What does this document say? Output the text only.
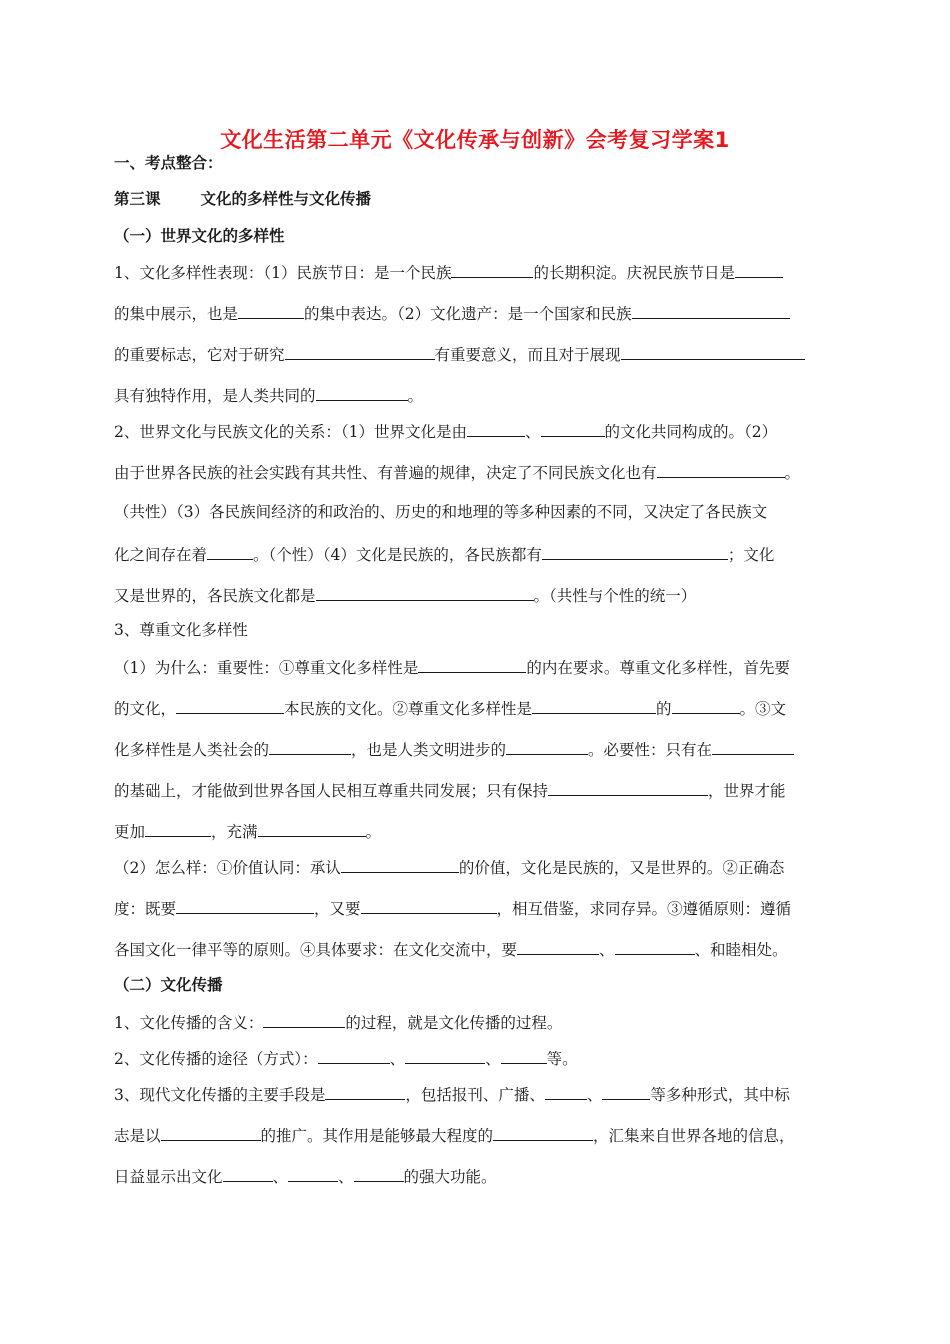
文化生活第二单元《文化传承与创新》会考复习学案1
一、考点整合：
第三课	文化的多样性与文化传播
（一）世界文化的多样性
1、文化多样性表现：（1）民族节日：是一个民族	的长期积淀。庆祝民族节日是
的集中展示，也是	的集中表达。（2）文化遗产：是一个国家和民族
的重要标志，它对于研究	有重要意义，而且对于展现
具有独特作用，是人类共同的	。
2、世界文化与民族文化的关系：（1）世界文化是由	、	的文化共同构成的。（2）
由于世界各民族的社会实践有其共性、有普遍的规律，决定了不同民族文化也有	。
（共性）（3）各民族间经济的和政治的、历史的和地理的等多种因素的不同，又决定了各民族文
化之间存在着	。（个性）（4）文化是民族的，各民族都有	；文化
又是世界的，各民族文化都是	。（共性与个性的统一）
3、尊重文化多样性
（1）为什么：重要性：①尊重文化多样性是	的内在要求。尊重文化多样性，首先要
的文化，	本民族的文化。②尊重文化多样性是	的	。③文
化多样性是人类社会的	，也是人类文明进步的	。必要性：只有在
的基础上，才能做到世界各国人民相互尊重共同发展；只有保持	，世界才能
更加	，充满	。
（2）怎么样：①价值认同：承认	的价值，文化是民族的，又是世界的。②正确态
度：既要	，又要	，相互借鉴，求同存异。③遵循原则：遵循
各国文化一律平等的原则。④具体要求：在文化交流中，要	、	、和睦相处。
（二）文化传播
1、文化传播的含义：	的过程，就是文化传播的过程。
2、文化传播的途径（方式）：	、	、	等。
3、现代文化传播的主要手段是	，包括报刊、广播、	、	等多种形式，其中标
志是以	的推广。其作用是能够最大程度的	，汇集来自世界各地的信息，
日益显示出文化	、	、	的强大功能。
